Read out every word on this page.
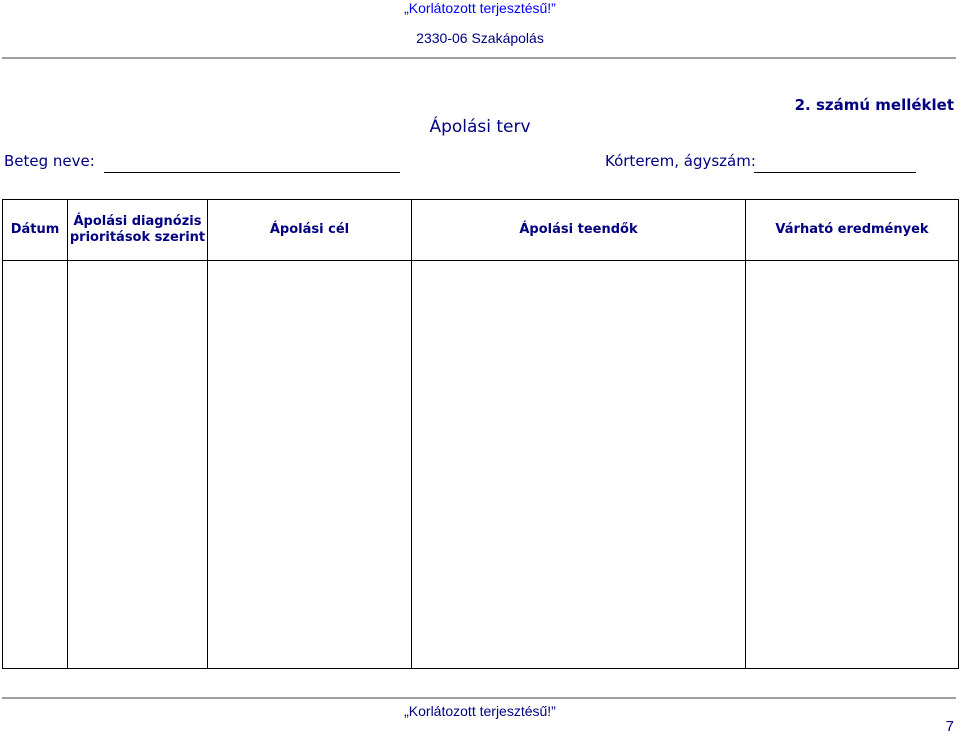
„Korlátozott terjesztésű!”
2330-06 Szakápolás
2. számú melléklet
Ápolási terv
Beteg neve:	Kórterem, ágyszám:
Dátum	Ápolási diagnózis prioritások szerint	Ápolási cél	Ápolási teendők	Várható eredmények

„Korlátozott terjesztésű!”
7
